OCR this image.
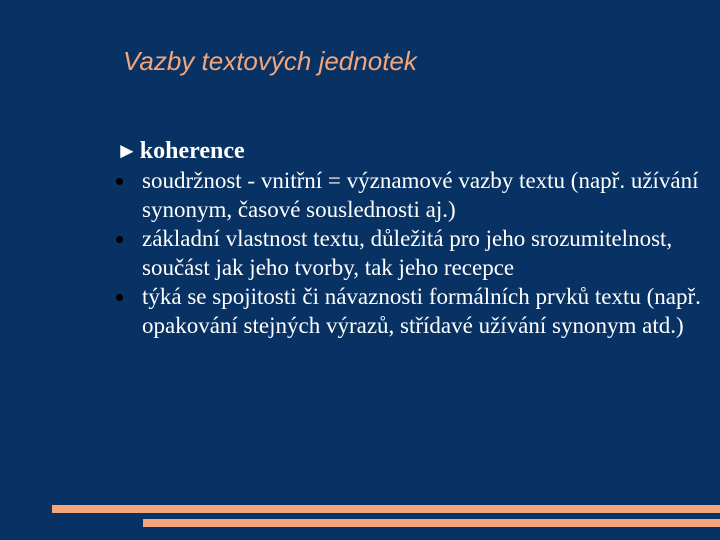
Vazby textových jednotek
► koherence
soudržnost - vnitřní = významové vazby textu (např. užívání synonym, časové souslednosti aj.)
základní vlastnost textu, důležitá pro jeho srozumitelnost, součást jak jeho tvorby, tak jeho recepce
týká se spojitosti či návaznosti formálních prvků textu (např. opakování stejných výrazů, střídavé užívání synonym atd.)
